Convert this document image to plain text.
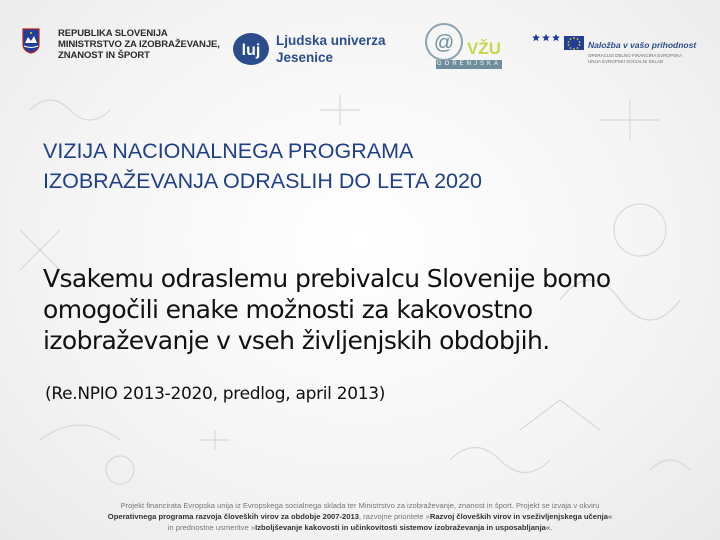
REPUBLIKA SLOVENIJA
MINISTRSTVO ZA IZOBRAŽEVANJE,
ZNANOST IN ŠPORT	luj
Ljudska univerza
Jesenice
@ VŽU
GORENJSKA
Naložba v vašo prihodnost
OPERACIJO DELNO FINANCIRA EVROPSKA UNIJA EVROPSKI SOCIALNI SKLAD
VIZIJA NACIONALNEGA PROGRAMA
IZOBRAŽEVANJA ODRASLIH DO LETA 2020
Vsakemu odraslemu prebivalcu Slovenije bomo
omogočili enake možnosti za kakovostno
izobraževanje v vseh življenjskih obdobjih.
(Re.NPIO 2013-2020, predlog, april 2013)
Projekt financirata Evropska unija iz Evropskega socialnega sklada ter Ministrstvo za izobraževanje, znanost in šport. Projekt se izvaja v okviru
Operativnega programa razvoja človeških virov za obdobje 2007-2013, razvojne prioritete »Razvoj človeških virov in vseživljenjskega učenja«
in prednostne usmeritve »Izboljševanje kakovosti in učinkovitosti sistemov izobraževanja in usposabljanja«.
